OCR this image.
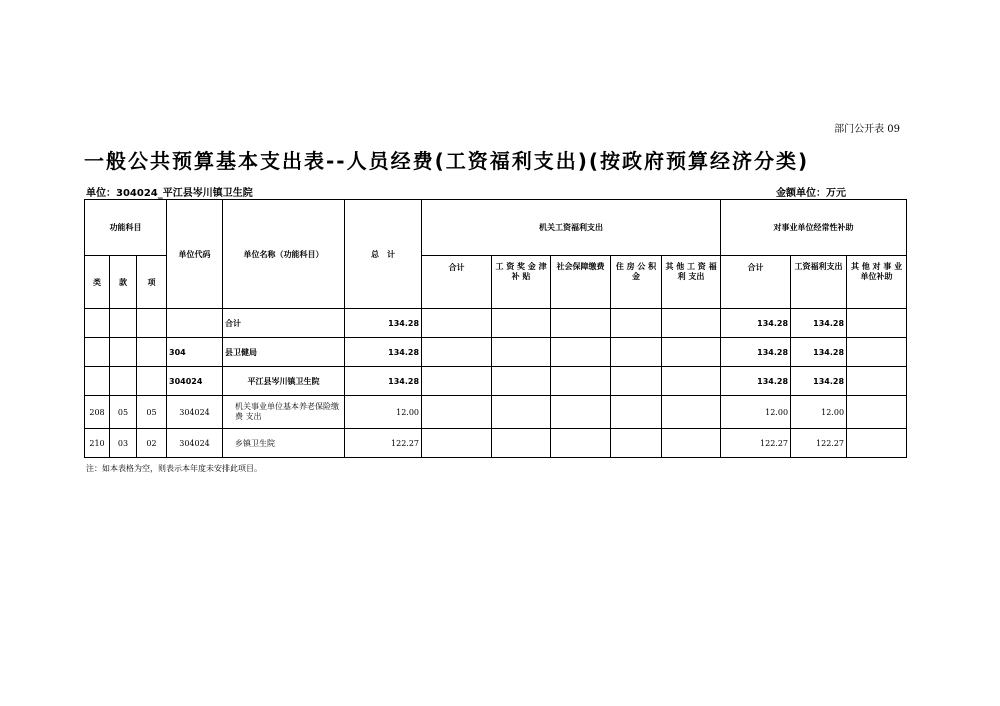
部门公开表 09
一般公共预算基本支出表--人员经费(工资福利支出)(按政府预算经济分类)
单位：304024_平江县岑川镇卫生院	金额单位：万元
功能科目			单位代码	单位名称（功能科目）	总　计	机关工资福利支出					对事业单位经常性补助		
类	款	项				合计	工 资 奖 金 津 补 贴	社会保障缴费	住 房 公 积 金	其 他 工 资 福 利 支出	合计	工资福利支出	其 他 对 事 业单位补助
				合计	134.28						134.28	134.28	
			304	县卫健局	134.28						134.28	134.28	
			304024	平江县岑川镇卫生院	134.28						134.28	134.28	
208	05	05	304024	机关事业单位基本养老保险缴费 支出	12.00						12.00	12.00	
210	03	02	304024	乡镇卫生院	122.27						122.27	122.27	
注：如本表格为空，则表示本年度未安排此项目。
